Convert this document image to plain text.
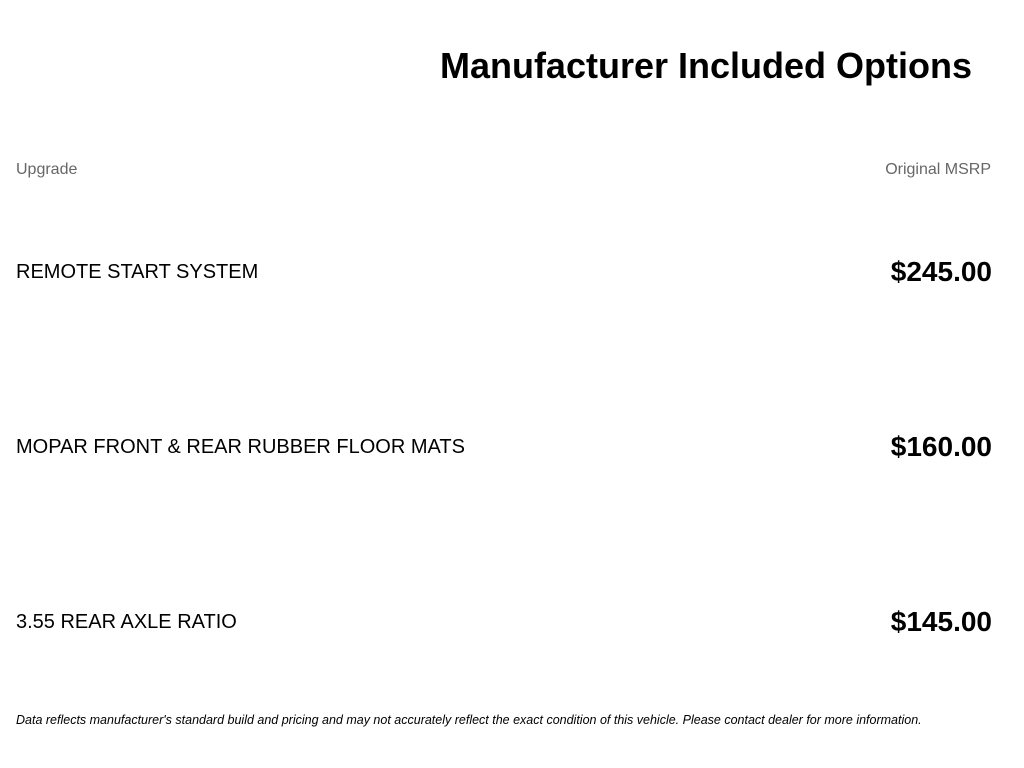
Manufacturer Included Options
Upgrade	Original MSRP
REMOTE START SYSTEM	$245.00
MOPAR FRONT & REAR RUBBER FLOOR MATS	$160.00
3.55 REAR AXLE RATIO	$145.00
Data reflects manufacturer's standard build and pricing and may not accurately reflect the exact condition of this vehicle. Please contact dealer for more information.
